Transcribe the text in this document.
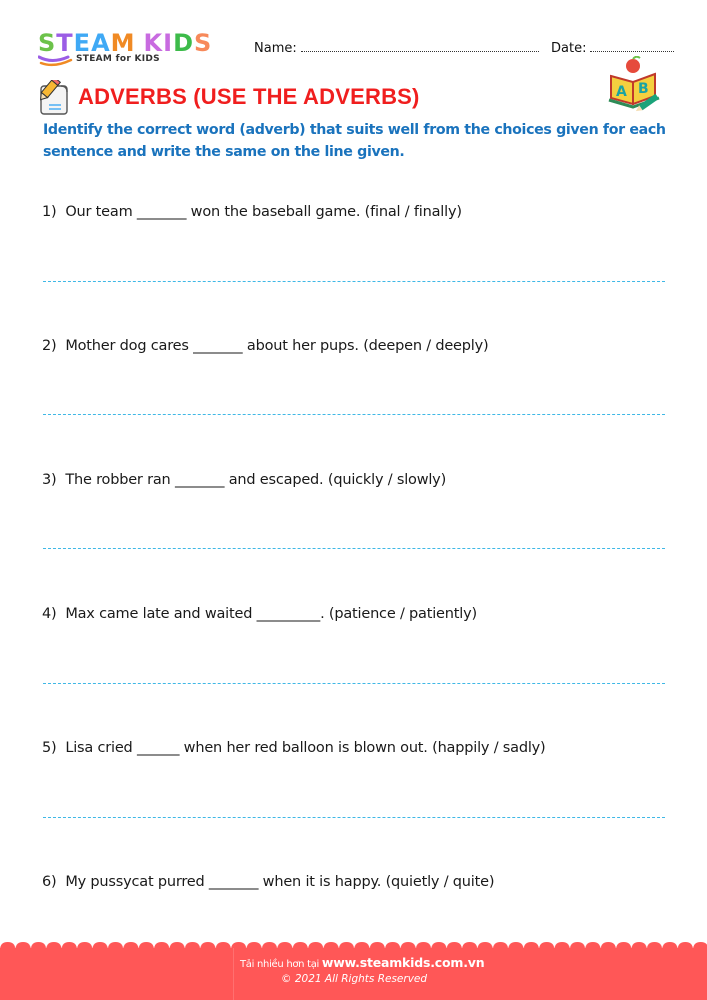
STEAM KIDS
STEAM for KIDS
Name:	Date:
ADVERBS (USE THE ADVERBS)	A B
Identify the correct word (adverb) that suits well from the choices given for each sentence and write the same on the line given.
1) Our team _______ won the baseball game. (final / finally)
2) Mother dog cares _______ about her pups. (deepen / deeply)
3) The robber ran _______ and escaped. (quickly / slowly)
4) Max came late and waited _________. (patience / patiently)
5) Lisa cried ______ when her red balloon is blown out. (happily / sadly)
6) My pussycat purred _______ when it is happy. (quietly / quite)
Tải nhiều hơn tại www.steamkids.com.vn
© 2021 All Rights Reserved
